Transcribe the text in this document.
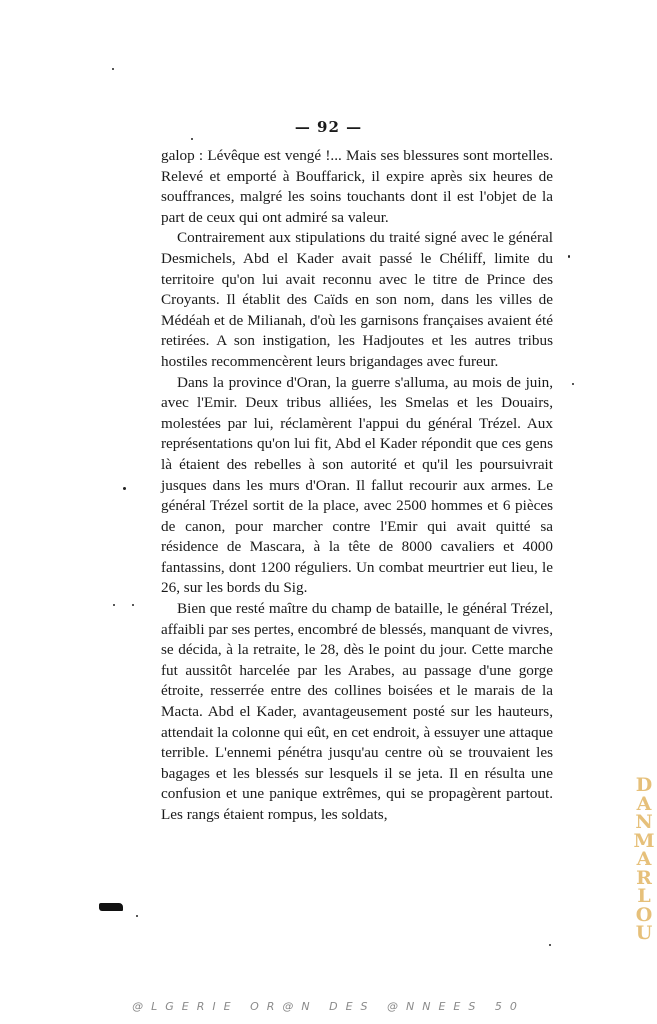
— 92 —

galop : Lévêque est vengé !... Mais ses blessures sont mortelles. Relevé et emporté à Bouffarick, il expire après six heures de souffrances, malgré les soins touchants dont il est l'objet de la part de ceux qui ont admiré sa valeur.

Contrairement aux stipulations du traité signé avec le général Desmichels, Abd el Kader avait passé le Chéliff, limite du territoire qu'on lui avait reconnu avec le titre de Prince des Croyants. Il établit des Caïds en son nom, dans les villes de Médéah et de Milianah, d'où les garnisons françaises avaient été retirées. A son instigation, les Hadjoutes et les autres tribus hostiles recommencèrent leurs brigandages avec fureur.

Dans la province d'Oran, la guerre s'alluma, au mois de juin, avec l'Emir. Deux tribus alliées, les Smelas et les Douairs, molestées par lui, réclamèrent l'appui du général Trézel. Aux représentations qu'on lui fit, Abd el Kader répondit que ces gens là étaient des rebelles à son autorité et qu'il les poursuivrait jusques dans les murs d'Oran. Il fallut recourir aux armes. Le général Trézel sortit de la place, avec 2500 hommes et 6 pièces de canon, pour marcher contre l'Emir qui avait quitté sa résidence de Mascara, à la tête de 8000 cavaliers et 4000 fantassins, dont 1200 réguliers. Un combat meurtrier eut lieu, le 26, sur les bords du Sig.

Bien que resté maître du champ de bataille, le général Trézel, affaibli par ses pertes, encombré de blessés, manquant de vivres, se décida, à la retraite, le 28, dès le point du jour. Cette marche fut aussitôt harcelée par les Arabes, au passage d'une gorge étroite, resserrée entre des collines boisées et le marais de la Macta. Abd el Kader, avantageusement posté sur les hauteurs, attendait la colonne qui eût, en cet endroit, à essuyer une attaque terrible. L'ennemi pénétra jusqu'au centre où se trouvaient les bagages et les blessés sur lesquels il se jeta. Il en résulta une confusion et une panique extrêmes, qui se propagèrent partout. Les rangs étaient rompus, les soldats,

DANMARLOU
@LGERIE OR@N DES @NNEES 50
